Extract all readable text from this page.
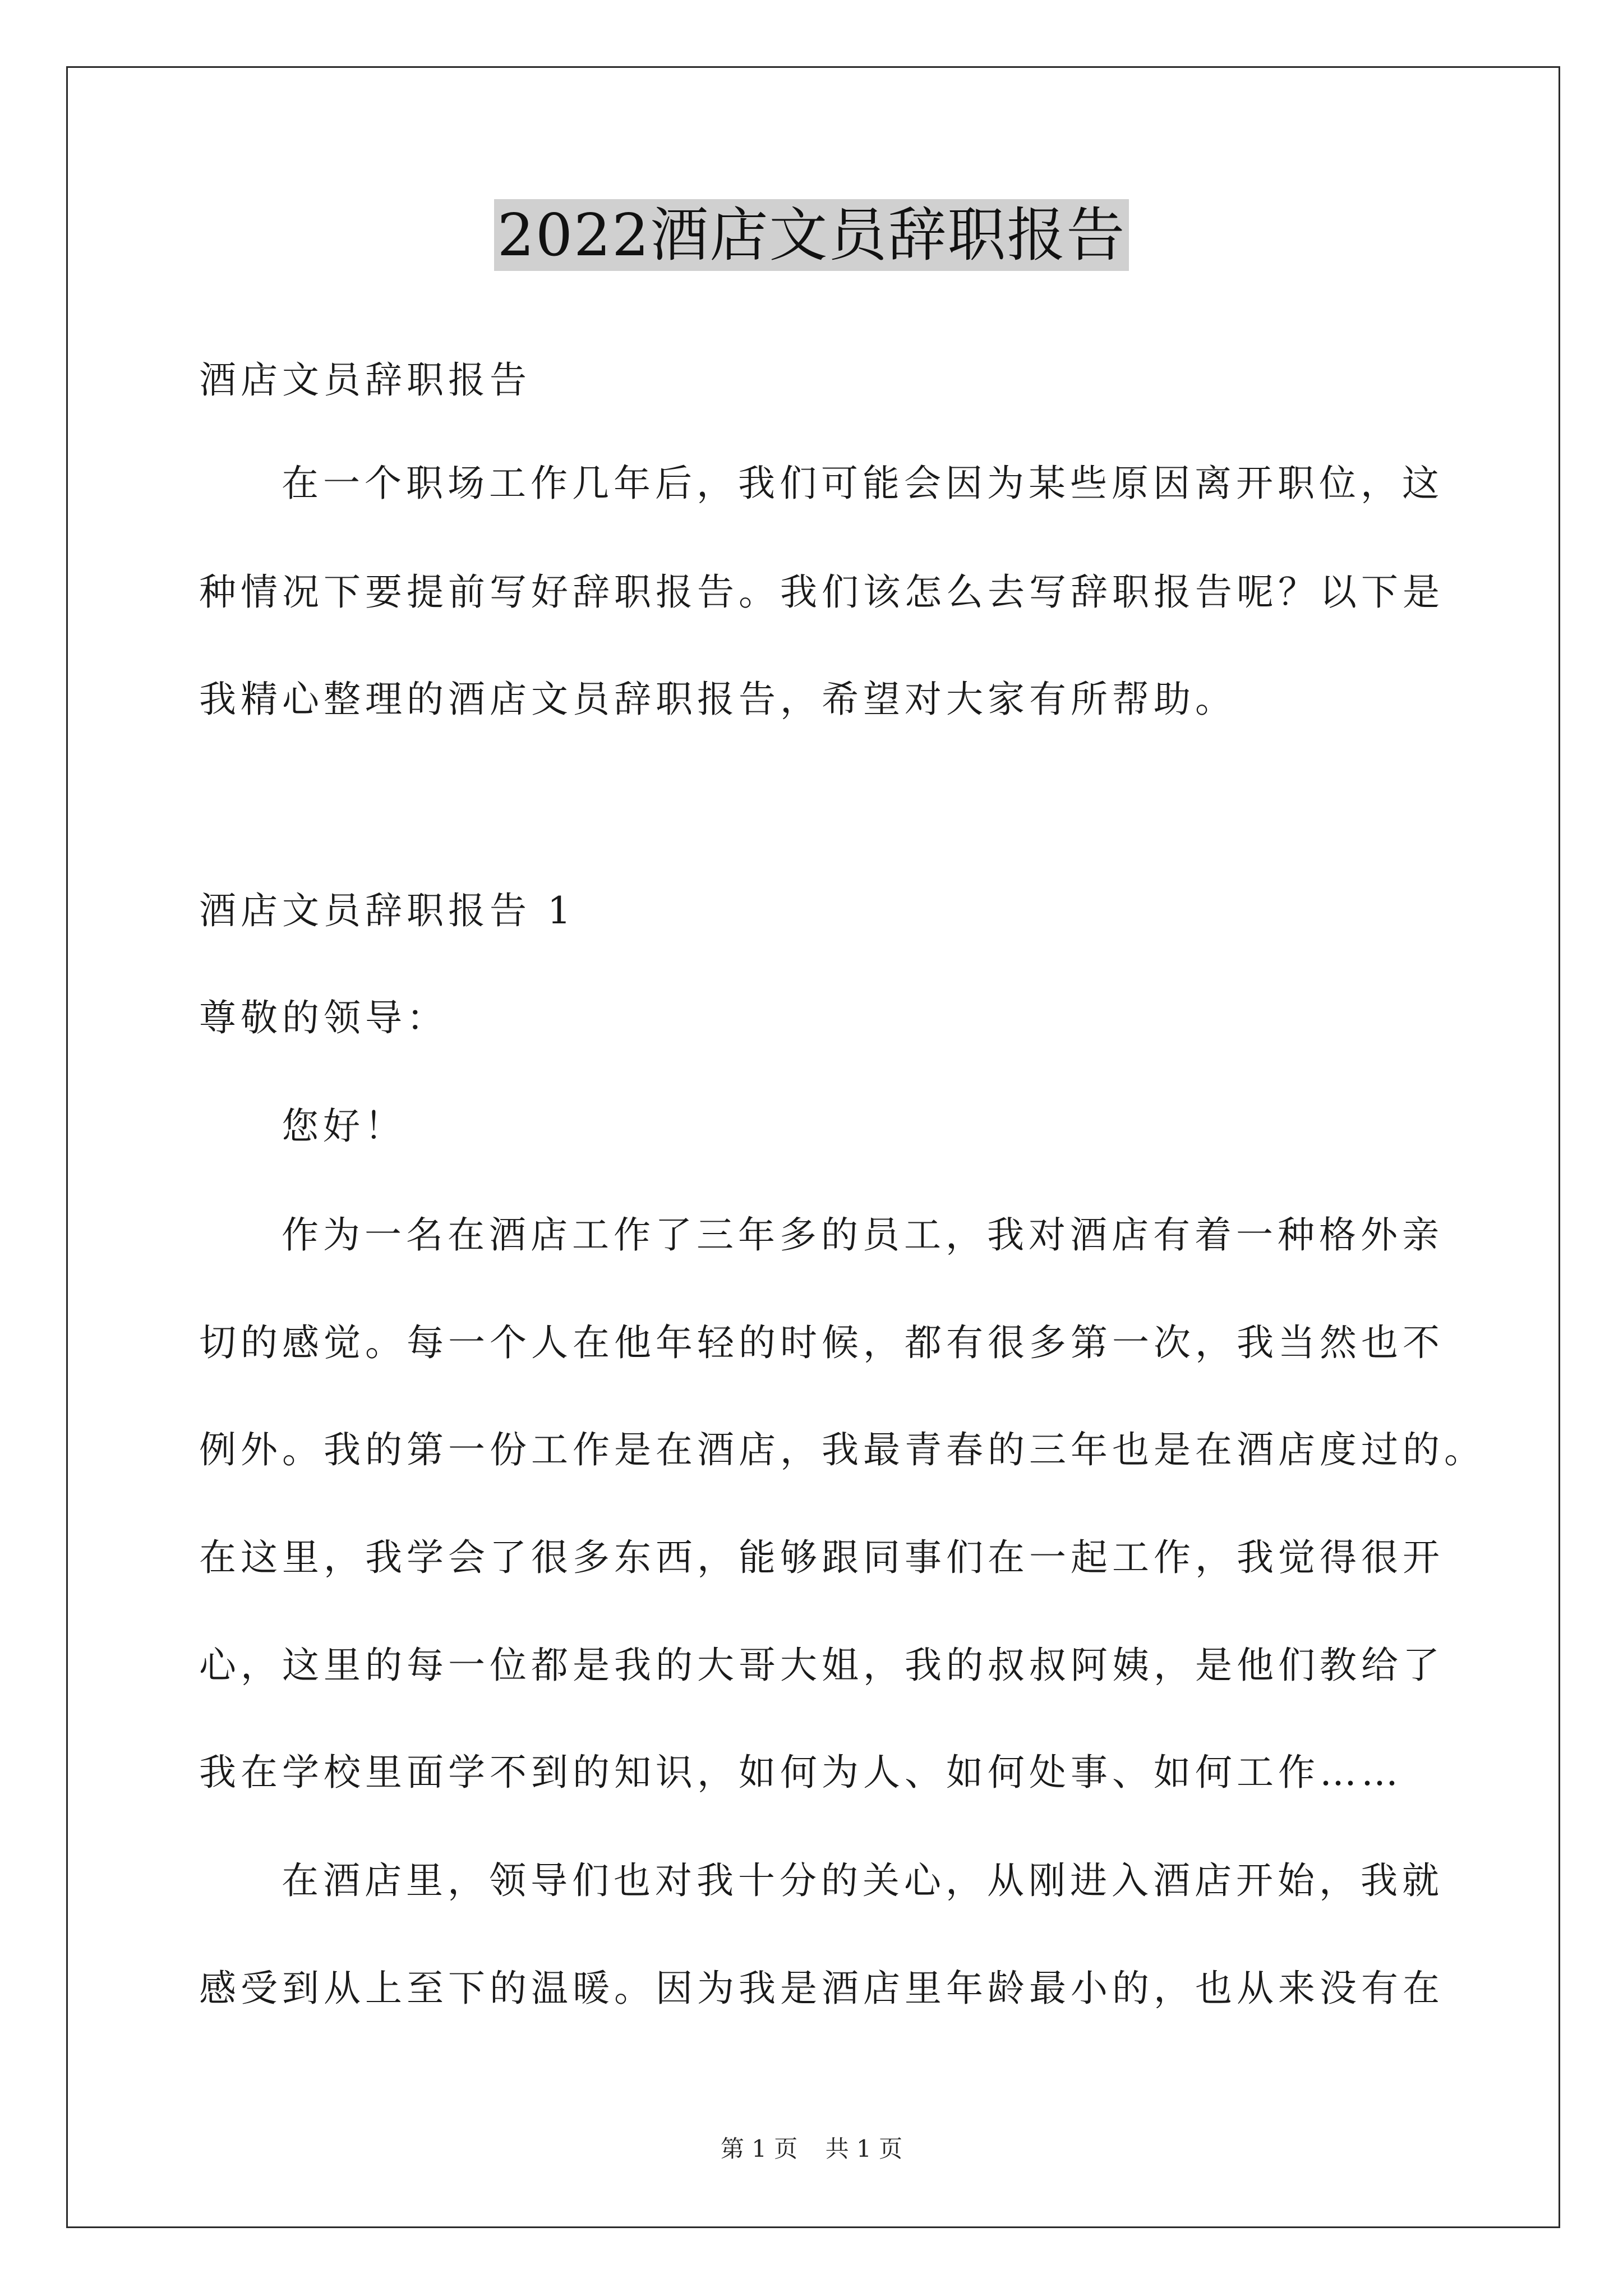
2022酒店文员辞职报告
酒店文员辞职报告
在一个职场工作几年后，我们可能会因为某些原因离开职位，这
种情况下要提前写好辞职报告。我们该怎么去写辞职报告呢？以下是
我精心整理的酒店文员辞职报告，希望对大家有所帮助。
酒店文员辞职报告 1
尊敬的领导：
您好！
作为一名在酒店工作了三年多的员工，我对酒店有着一种格外亲
切的感觉。每一个人在他年轻的时候，都有很多第一次，我当然也不
例外。我的第一份工作是在酒店，我最青春的三年也是在酒店度过的。
在这里，我学会了很多东西，能够跟同事们在一起工作，我觉得很开
心，这里的每一位都是我的大哥大姐，我的叔叔阿姨，是他们教给了
我在学校里面学不到的知识，如何为人、如何处事、如何工作……
在酒店里，领导们也对我十分的关心，从刚进入酒店开始，我就
感受到从上至下的温暖。因为我是酒店里年龄最小的，也从来没有在
第 1 页 共 1 页
